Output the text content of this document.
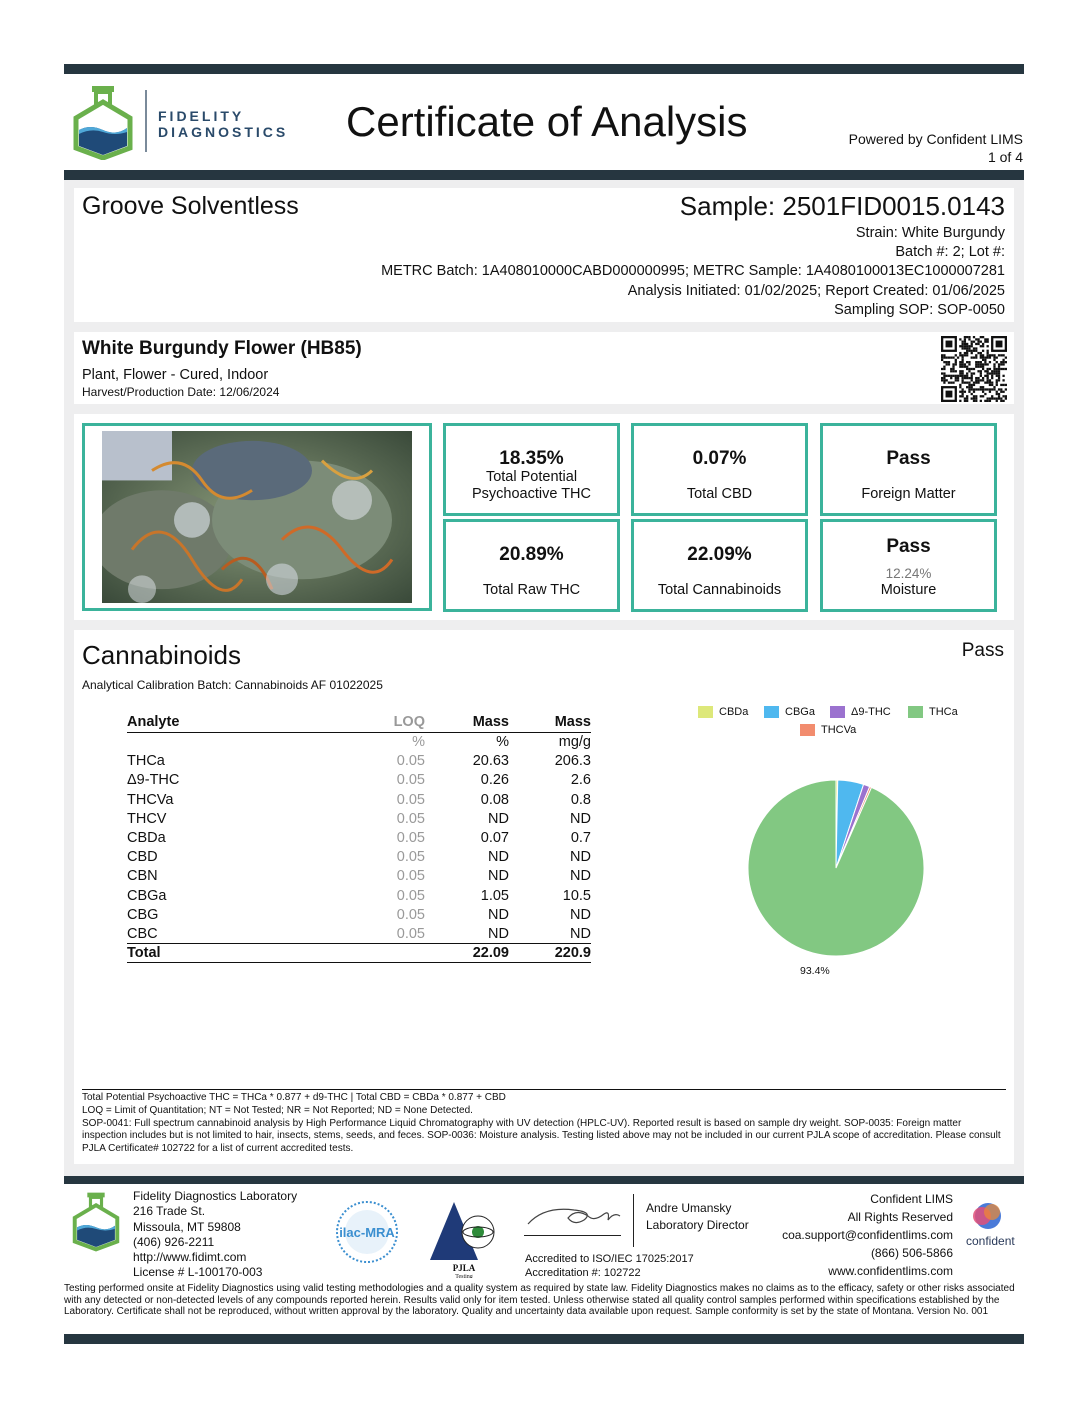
FIDELITY
DIAGNOSTICS Certificate of Analysis	Powered by Confident LIMS
1 of 4
Groove Solventless	Sample: 2501FID0015.0143
Strain: White Burgundy
Batch #: 2; Lot #:
METRC Batch: 1A408010000CABD000000995; METRC Sample: 1A4080100013EC1000007281
Analysis Initiated: 01/02/2025; Report Created: 01/06/2025
Sampling SOP: SOP-0050
White Burgundy Flower (HB85)
Plant, Flower - Cured, Indoor
Harvest/Production Date: 12/06/2024
18.35%
Total Potential Psychoactive THC
0.07%
Total CBD
Pass
Foreign Matter
20.89%
Total Raw THC
22.09%
Total Cannabinoids
Pass
12.24%
Moisture
Cannabinoids	Pass
Analytical Calibration Batch: Cannabinoids AF 01022025
Analyte	LOQ	Mass	Mass
	%	%	mg/g
THCa	0.05	20.63	206.3
Δ9-THC	0.05	0.26	2.6
THCVa	0.05	0.08	0.8
THCV	0.05	ND	ND
CBDa	0.05	0.07	0.7
CBD	0.05	ND	ND
CBN	0.05	ND	ND
CBGa	0.05	1.05	10.5
CBG	0.05	ND	ND
CBC	0.05	ND	ND
Total		22.09	220.9
CBDa	CBGa	Δ9-THC	THCa
THCVa
93.4%
Total Potential Psychoactive THC = THCa * 0.877 + d9-THC | Total CBD = CBDa * 0.877 + CBD
LOQ = Limit of Quantitation; NT = Not Tested; NR = Not Reported; ND = None Detected.
SOP-0041: Full spectrum cannabinoid analysis by High Performance Liquid Chromatography with UV detection (HPLC-UV). Reported result is based on sample dry weight. SOP-0035: Foreign matter inspection includes but is not limited to hair, insects, stems, seeds, and feces. SOP-0036: Moisture analysis. Testing listed above may not be included in our current PJLA scope of accreditation. Please consult PJLA Certificate# 102722 for a list of current accredited tests.
Fidelity Diagnostics Laboratory
216 Trade St.
Missoula, MT 59808
(406) 926-2211
http://www.fidimt.com
License # L-100170-003
ilac-MRA
PJLA
Testing
Andre Umansky
Laboratory Director
Accredited to ISO/IEC 17025:2017
Accreditation #: 102722
Confident LIMS
All Rights Reserved
coa.support@confidentlims.com
(866) 506-5866
www.confidentlims.com
confident
Testing performed onsite at Fidelity Diagnostics using valid testing methodologies and a quality system as required by state law. Fidelity Diagnostics makes no claims as to the efficacy, safety or other risks associated with any detected or non-detected levels of any compounds reported herein. Results valid only for item tested. Unless otherwise stated all quality control samples performed within specifications established by the Laboratory. Certificate shall not be reproduced, without written approval by the laboratory. Quality and uncertainty data available upon request. Sample conformity is set by the state of Montana. Version No. 001
